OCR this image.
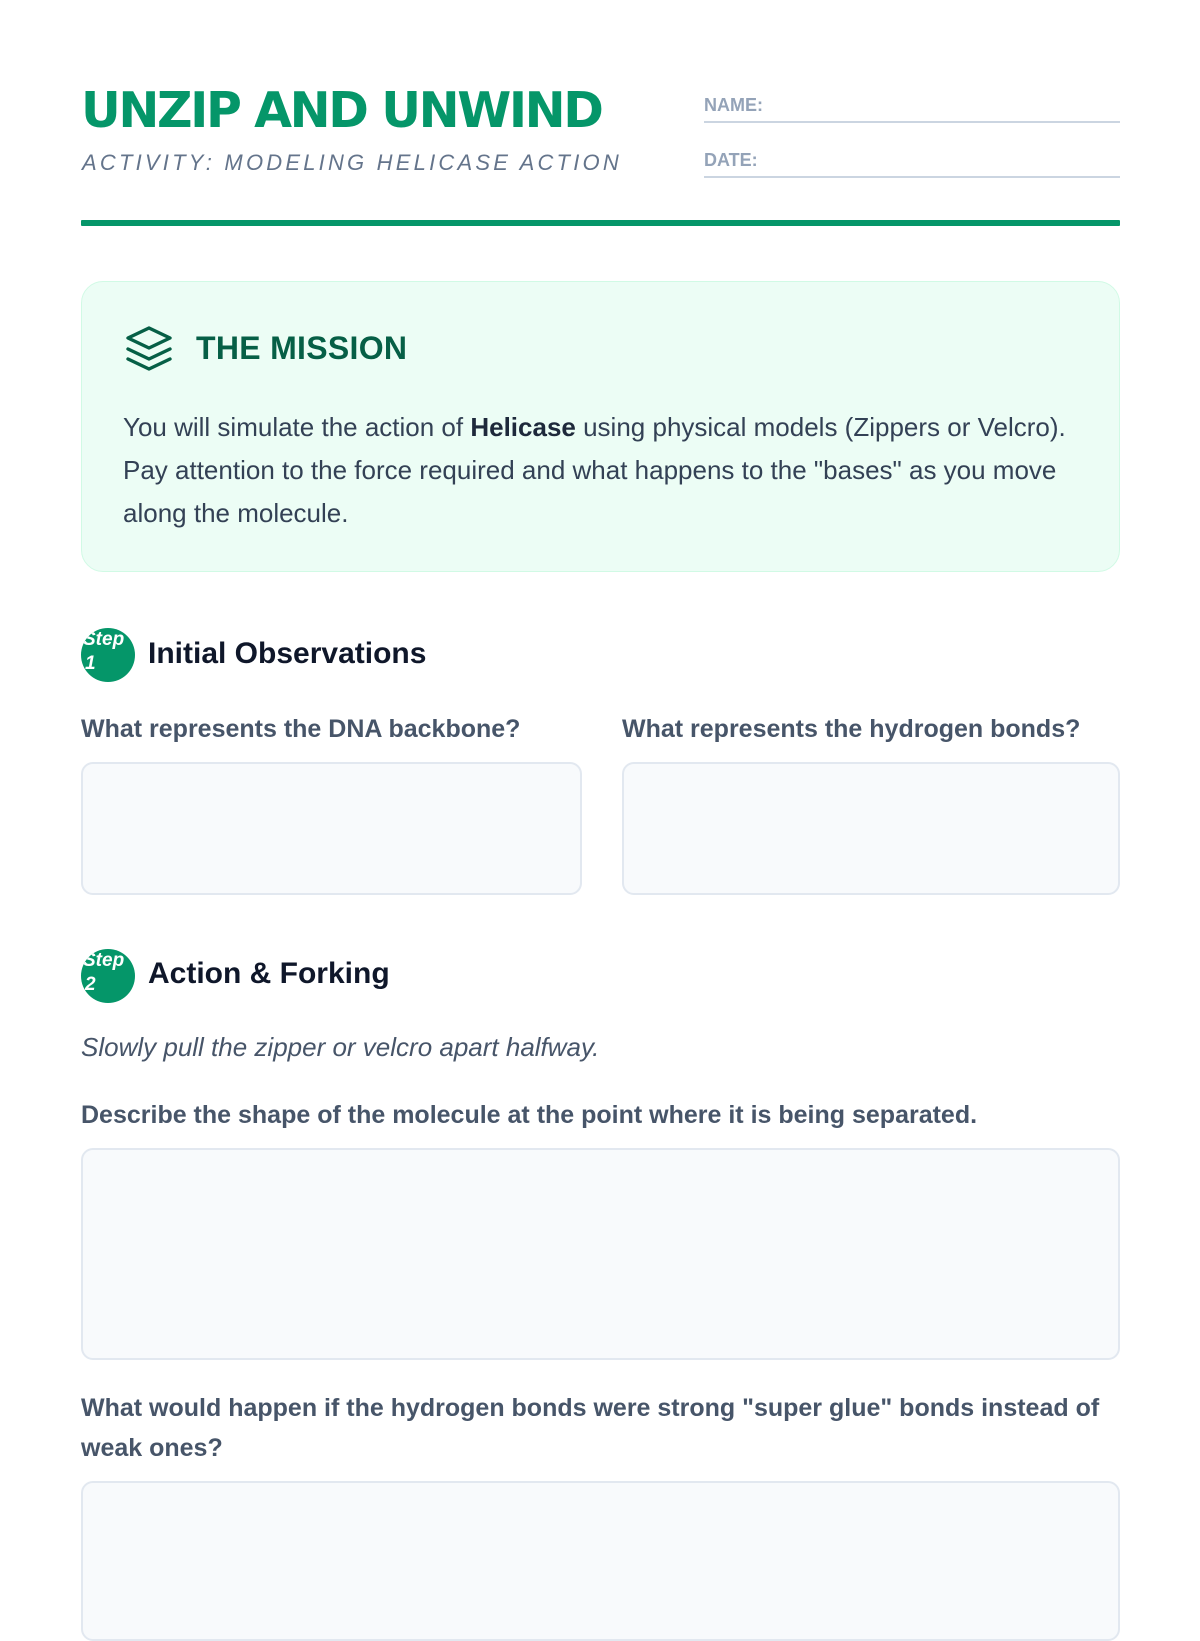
UNZIP AND UNWIND
ACTIVITY: MODELING HELICASE ACTION
NAME:
DATE:
THE MISSION
You will simulate the action of Helicase using physical models (Zippers or Velcro). Pay attention to the force required and what happens to the "bases" as you move along the molecule.
Step
1 Initial Observations
What represents the DNA backbone?	What represents the hydrogen bonds?
Step
2 Action & Forking
Slowly pull the zipper or velcro apart halfway.
Describe the shape of the molecule at the point where it is being separated.
What would happen if the hydrogen bonds were strong "super glue" bonds instead of weak ones?
